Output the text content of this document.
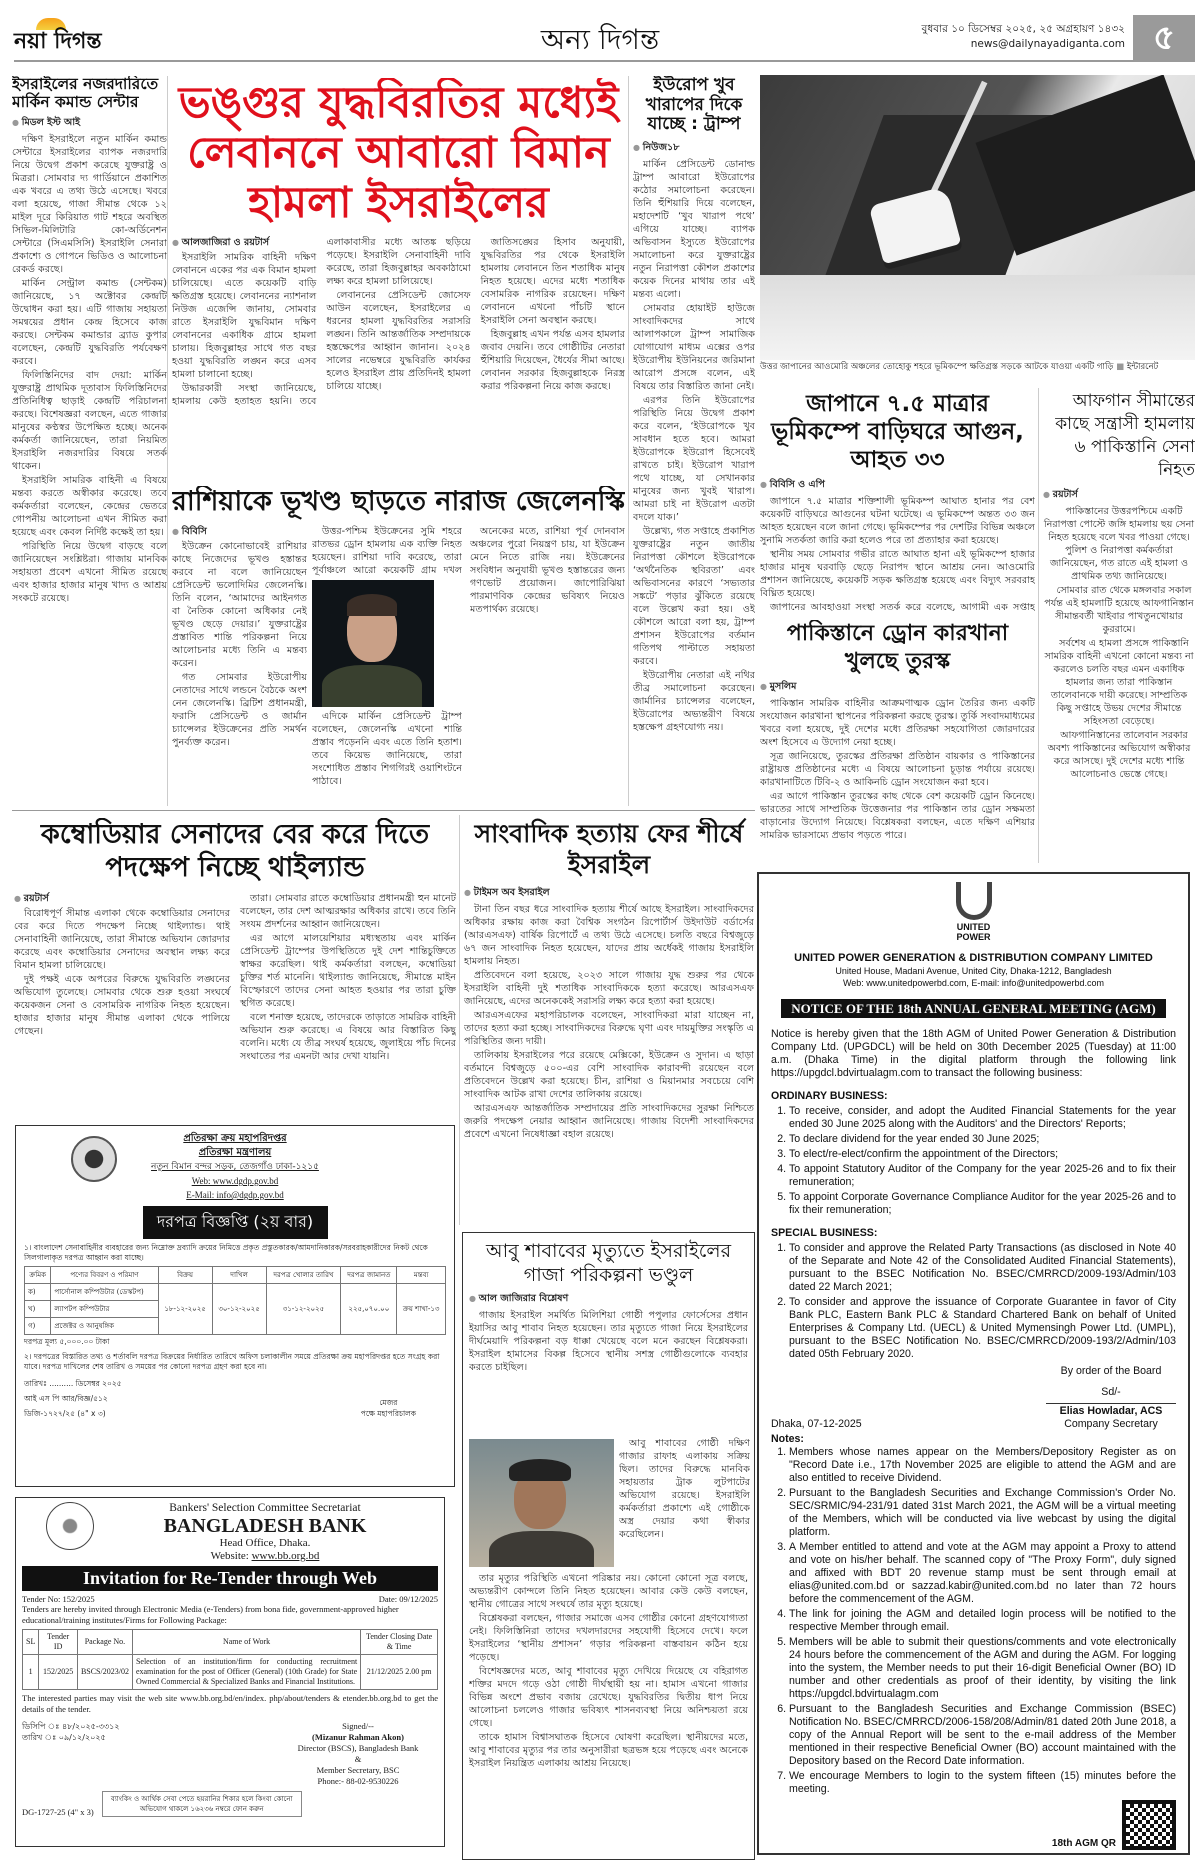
নয়া দিগন্ত	অন্য দিগন্ত	বুধবার ১০ ডিসেম্বর ২০২৫, ২৫ অগ্রহায়ণ ১৪৩২
news@dailynayadiganta.com ৫
ইসরাইলের নজরদারিতে মার্কিন কমান্ড সেন্টার
● মিডল ইস্ট আই

দক্ষিণ ইসরাইলে নতুন মার্কিন কমান্ড সেন্টারে ইসরাইলের ব্যাপক নজরদারি নিয়ে উদ্বেগ প্রকাশ করেছে যুক্তরাষ্ট্র ও মিত্ররা। সোমবার দ্য গার্ডিয়ানে প্রকাশিত এক খবরে এ তথ্য উঠে এসেছে। খবরে বলা হয়েছে, গাজা সীমান্ত থেকে ১২ মাইল দূরে কিরিয়াত গাট শহরে অবস্থিত সিভিল-মিলিটারি কো-অর্ডিনেশন সেন্টারে (সিএমসিসি) ইসরাইলি সেনারা প্রকাশ্যে ও গোপনে ভিডিও ও আলোচনা রেকর্ড করছে।

মার্কিন সেন্ট্রাল কমান্ড (সেন্টকম) জানিয়েছে, ১৭ অক্টোবর কেন্দ্রটি উদ্বোধন করা হয়। এটি গাজায় সহায়তা সমন্বয়ের প্রধান কেন্দ্র হিসেবে কাজ করছে। সেন্টকম কমান্ডার ব্র্যাড কুপার বলেছেন, কেন্দ্রটি যুদ্ধবিরতি পর্যবেক্ষণ করবে।

ফিলিস্তিনিদের বাদ দেয়া: মার্কিন যুক্তরাষ্ট্র প্রাথমিক দূতাবাস ফিলিস্তিনিদের প্রতিনিধিত্ব ছাড়াই কেন্দ্রটি পরিচালনা করছে। বিশেষজ্ঞরা বলছেন, এতে গাজার মানুষের কণ্ঠস্বর উপেক্ষিত হচ্ছে। অনেক কর্মকর্তা জানিয়েছেন, তারা নিয়মিত ইসরাইলি নজরদারির বিষয়ে সতর্ক থাকেন।

ইসরাইলি সামরিক বাহিনী এ বিষয়ে মন্তব্য করতে অস্বীকার করেছে। তবে কর্মকর্তারা বলেছেন, কেন্দ্রের ভেতরে গোপনীয় আলোচনা এখন সীমিত করা হয়েছে এবং কেবল নির্দিষ্ট কক্ষেই তা হয়।

পরিস্থিতি নিয়ে উদ্বেগ বাড়ছে বলে জানিয়েছেন সংশ্লিষ্টরা। গাজায় মানবিক সহায়তা প্রবেশ এখনো সীমিত রয়েছে এবং হাজার হাজার মানুষ খাদ্য ও আশ্রয় সংকটে রয়েছে।

ভঙ্গুর যুদ্ধবিরতির মধ্যেই লেবাননে আবারো বিমান হামলা ইসরাইলের
● আলজাজিরা ও রয়টার্স

ইসরাইলি সামরিক বাহিনী দক্ষিণ লেবাননে একের পর এক বিমান হামলা চালিয়েছে। এতে কয়েকটি বাড়ি ক্ষতিগ্রস্ত হয়েছে। লেবাননের ন্যাশনাল নিউজ এজেন্সি জানায়, সোমবার রাতে ইসরাইলি যুদ্ধবিমান দক্ষিণ লেবাননের একাধিক গ্রামে হামলা চালায়। হিজবুল্লাহর সাথে গত বছর হওয়া যুদ্ধবিরতি লঙ্ঘন করে এসব হামলা চালানো হচ্ছে।

উদ্ধারকারী সংস্থা জানিয়েছে, হামলায় কেউ হতাহত হয়নি। তবে এলাকাবাসীর মধ্যে আতঙ্ক ছড়িয়ে পড়েছে। ইসরাইলি সেনাবাহিনী দাবি করেছে, তারা হিজবুল্লাহর অবকাঠামো লক্ষ্য করে হামলা চালিয়েছে।

লেবাননের প্রেসিডেন্ট জোসেফ আউন বলেছেন, ইসরাইলের এ ধরনের হামলা যুদ্ধবিরতির সরাসরি লঙ্ঘন। তিনি আন্তর্জাতিক সম্প্রদায়কে হস্তক্ষেপের আহ্বান জানান। ২০২৪ সালের নভেম্বরে যুদ্ধবিরতি কার্যকর হলেও ইসরাইল প্রায় প্রতিদিনই হামলা চালিয়ে যাচ্ছে।

জাতিসঙ্ঘের হিসাব অনুযায়ী, যুদ্ধবিরতির পর থেকে ইসরাইলি হামলায় লেবাননে তিন শতাধিক মানুষ নিহত হয়েছে। এদের মধ্যে শতাধিক বেসামরিক নাগরিক রয়েছেন। দক্ষিণ লেবাননে এখনো পাঁচটি স্থানে ইসরাইলি সেনা অবস্থান করছে।

হিজবুল্লাহ এখন পর্যন্ত এসব হামলার জবাব দেয়নি। তবে গোষ্ঠীটির নেতারা হুঁশিয়ারি দিয়েছেন, ধৈর্যের সীমা আছে। লেবানন সরকার হিজবুল্লাহকে নিরস্ত্র করার পরিকল্পনা নিয়ে কাজ করছে।

ইউরোপ খুব খারাপের দিকে যাচ্ছে : ট্রাম্প
● নিউজ১৮

মার্কিন প্রেসিডেন্ট ডোনাল্ড ট্রাম্প আবারো ইউরোপের কঠোর সমালোচনা করেছেন। তিনি হুঁশিয়ারি দিয়ে বলেছেন, মহাদেশটি ‘খুব খারাপ পথে’ এগিয়ে যাচ্ছে। ব্যাপক অভিবাসন ইস্যুতে ইউরোপের সমালোচনা করে যুক্তরাষ্ট্রের নতুন নিরাপত্তা কৌশল প্রকাশের কয়েক দিনের মাথায় তার এই মন্তব্য এলো।

সোমবার হোয়াইট হাউজে সাংবাদিকদের সাথে আলাপকালে ট্রাম্প সামাজিক যোগাযোগ মাধ্যম এক্সের ওপর ইউরোপীয় ইউনিয়নের জরিমানা আরোপ প্রসঙ্গে বলেন, এই বিষয়ে তার বিস্তারিত জানা নেই।

এরপর তিনি ইউরোপের পরিস্থিতি নিয়ে উদ্বেগ প্রকাশ করে বলেন, ‘ইউরোপকে খুব সাবধান হতে হবে। আমরা ইউরোপকে ইউরোপ হিসেবেই রাখতে চাই। ইউরোপ খারাপ পথে যাচ্ছে, যা সেখানকার মানুষের জন্য খুবই খারাপ। আমরা চাই না ইউরোপ এতটা বদলে যাক।’

উল্লেখ্য, গত সপ্তাহে প্রকাশিত যুক্তরাষ্ট্রের নতুন জাতীয় নিরাপত্তা কৌশলে ইউরোপকে ‘অর্থনৈতিক স্থবিরতা’ এবং অভিবাসনের কারণে ‘সভ্যতার সঙ্কটে’ পড়ার ঝুঁকিতে রয়েছে বলে উল্লেখ করা হয়। ওই কৌশলে আরো বলা হয়, ট্রাম্প প্রশাসন ইউরোপের বর্তমান গতিপথ পাল্টাতে সহায়তা করবে।

ইউরোপীয় নেতারা এই নথির তীব্র সমালোচনা করেছেন। জার্মানির চ্যান্সেলর বলেছেন, ইউরোপের অভ্যন্তরীণ বিষয়ে হস্তক্ষেপ গ্রহণযোগ্য নয়।

উত্তর জাপানের আওমোরি অঞ্চলের তোহোকু শহরে ভূমিকম্পে ক্ষতিগ্রস্ত সড়কে আটকে যাওয়া একটি গাড়ি ■ ইন্টারনেট
জাপানে ৭.৫ মাত্রার ভূমিকম্পে বাড়িঘরে আগুন, আহত ৩৩
● বিবিসি ও এপি

জাপানে ৭.৫ মাত্রার শক্তিশালী ভূমিকম্প আঘাত হানার পর বেশ কয়েকটি বাড়িঘরে আগুনের ঘটনা ঘটেছে। এ ভূমিকম্পে অন্তত ৩৩ জন আহত হয়েছেন বলে জানা গেছে। ভূমিকম্পের পর দেশটির বিভিন্ন অঞ্চলে সুনামি সতর্কতা জারি করা হলেও পরে তা প্রত্যাহার করা হয়েছে।

স্থানীয় সময় সোমবার গভীর রাতে আঘাত হানা এই ভূমিকম্পে হাজার হাজার মানুষ ঘরবাড়ি ছেড়ে নিরাপদ স্থানে আশ্রয় নেন। আওমোরি প্রশাসন জানিয়েছে, কয়েকটি সড়ক ক্ষতিগ্রস্ত হয়েছে এবং বিদ্যুৎ সরবরাহ বিঘ্নিত হয়েছে।

জাপানের আবহাওয়া সংস্থা সতর্ক করে বলেছে, আগামী এক সপ্তাহ

আফগান সীমান্তের কাছে সন্ত্রাসী হামলায় ৬ পাকিস্তানি সেনা নিহত
● রয়টার্স

পাকিস্তানের উত্তরপশ্চিমে একটি নিরাপত্তা পোস্টে জঙ্গি হামলায় ছয় সেনা নিহত হয়েছে বলে খবর পাওয়া গেছে। পুলিশ ও নিরাপত্তা কর্মকর্তারা জানিয়েছেন, গত রাতে এই হামলা ও প্রাথমিক তথ্য জানিয়েছে।

সোমবার রাত থেকে মঙ্গলবার সকাল পর্যন্ত এই হামলাটি হয়েছে আফগানিস্তান সীমান্তবর্তী খাইবার পাখতুনখোয়ার কুররামে।

সর্বশেষ এ হামলা প্রসঙ্গে পাকিস্তানি সামরিক বাহিনী এখনো কোনো মন্তব্য না করলেও চলতি বছর এমন একাধিক হামলার জন্য তারা পাকিস্তান তালেবানকে দায়ী করেছে। সাম্প্রতিক কিছু সপ্তাহে উভয় দেশের সীমান্তে সহিংসতা বেড়েছে।

আফগানিস্তানের তালেবান সরকার অবশ্য পাকিস্তানের অভিযোগ অস্বীকার করে আসছে। দুই দেশের মধ্যে শান্তি আলোচনাও ভেস্তে গেছে।

রাশিয়াকে ভূখণ্ড ছাড়তে নারাজ জেলেনস্কি
● বিবিসি

ইউক্রেন কোনোভাবেই রাশিয়ার কাছে নিজেদের ভূখণ্ড হস্তান্তর করবে না বলে জানিয়েছেন প্রেসিডেন্ট ভলোদিমির জেলেনস্কি। তিনি বলেন, ‘আমাদের আইনগত বা নৈতিক কোনো অধিকার নেই ভূখণ্ড ছেড়ে দেয়ার।’ যুক্তরাষ্ট্রের প্রস্তাবিত শান্তি পরিকল্পনা নিয়ে আলোচনার মধ্যে তিনি এ মন্তব্য করেন।

গত সোমবার ইউরোপীয় নেতাদের সাথে লন্ডনে বৈঠকে অংশ নেন জেলেনস্কি। ব্রিটিশ প্রধানমন্ত্রী, ফরাসি প্রেসিডেন্ট ও জার্মান চ্যান্সেলর ইউক্রেনের প্রতি সমর্থন পুনর্ব্যক্ত করেন।

উত্তর-পশ্চিম ইউক্রেনের সুমি শহরে রাতভর ড্রোন হামলায় এক ব্যক্তি নিহত হয়েছেন। রাশিয়া দাবি করেছে, তারা পূর্বাঞ্চলে আরো কয়েকটি গ্রাম দখল

এদিকে মার্কিন প্রেসিডেন্ট ট্রাম্প বলেছেন, জেলেনস্কি এখনো শান্তি প্রস্তাব পড়েননি এবং এতে তিনি হতাশ। তবে কিয়েভ জানিয়েছে, তারা সংশোধিত প্রস্তাব শিগগিরই ওয়াশিংটনে পাঠাবে।

অনেকের মতে, রাশিয়া পূর্ব দোনবাস অঞ্চলের পুরো নিয়ন্ত্রণ চায়, যা ইউক্রেন মেনে নিতে রাজি নয়। ইউক্রেনের সংবিধান অনুযায়ী ভূখণ্ড হস্তান্তরের জন্য গণভোট প্রয়োজন। জাপোরিঝিয়া পারমাণবিক কেন্দ্রের ভবিষ্যৎ নিয়েও মতপার্থক্য রয়েছে।

পাকিস্তানে ড্রোন কারখানা খুলছে তুরস্ক
● মুসলিম

পাকিস্তান সামরিক বাহিনীর আক্রমণাত্মক ড্রোন তৈরির জন্য একটি সংযোজন কারখানা স্থাপনের পরিকল্পনা করছে তুরস্ক। তুর্কি সংবাদমাধ্যমের খবরে বলা হয়েছে, দুই দেশের মধ্যে প্রতিরক্ষা সহযোগিতা জোরদারের অংশ হিসেবে এ উদ্যোগ নেয়া হচ্ছে।

সূত্র জানিয়েছে, তুরস্কের প্রতিরক্ষা প্রতিষ্ঠান বায়কার ও পাকিস্তানের রাষ্ট্রায়ত্ত প্রতিষ্ঠানের মধ্যে এ বিষয়ে আলোচনা চূড়ান্ত পর্যায়ে রয়েছে। কারখানাটিতে টিবি-২ ও আকিনচি ড্রোন সংযোজন করা হবে।

এর আগে পাকিস্তান তুরস্কের কাছ থেকে বেশ কয়েকটি ড্রোন কিনেছে। ভারতের সাথে সাম্প্রতিক উত্তেজনার পর পাকিস্তান তার ড্রোন সক্ষমতা বাড়ানোর উদ্যোগ নিয়েছে। বিশ্লেষকরা বলছেন, এতে দক্ষিণ এশিয়ার সামরিক ভারসাম্যে প্রভাব পড়তে পারে।

কম্বোডিয়ার সেনাদের বের করে দিতে পদক্ষেপ নিচ্ছে থাইল্যান্ড
● রয়টার্স

বিরোধপূর্ণ সীমান্ত এলাকা থেকে কম্বোডিয়ার সেনাদের বের করে দিতে পদক্ষেপ নিচ্ছে থাইল্যান্ড। থাই সেনাবাহিনী জানিয়েছে, তারা সীমান্তে অভিযান জোরদার করেছে এবং কম্বোডিয়ার সেনাদের অবস্থান লক্ষ্য করে বিমান হামলা চালিয়েছে।

দুই পক্ষই একে অপরের বিরুদ্ধে যুদ্ধবিরতি লঙ্ঘনের অভিযোগ তুলেছে। সোমবার থেকে শুরু হওয়া সংঘর্ষে কয়েকজন সেনা ও বেসামরিক নাগরিক নিহত হয়েছেন। হাজার হাজার মানুষ সীমান্ত এলাকা থেকে পালিয়ে গেছেন।

তারা। সোমবার রাতে কম্বোডিয়ার প্রধানমন্ত্রী হুন মানেট বলেছেন, তার দেশ আত্মরক্ষার অধিকার রাখে। তবে তিনি সংযম প্রদর্শনের আহ্বান জানিয়েছেন।

এর আগে মালয়েশিয়ার মধ্যস্থতায় এবং মার্কিন প্রেসিডেন্ট ট্রাম্পের উপস্থিতিতে দুই দেশ শান্তিচুক্তিতে স্বাক্ষর করেছিল। থাই কর্মকর্তারা বলছেন, কম্বোডিয়া চুক্তির শর্ত মানেনি। থাইল্যান্ড জানিয়েছে, সীমান্তে মাইন বিস্ফোরণে তাদের সেনা আহত হওয়ার পর তারা চুক্তি স্থগিত করেছে।

বলে শনাক্ত হয়েছে, তাদেরকে তাড়াতে সামরিক বাহিনী অভিযান শুরু করেছে। এ বিষয়ে আর বিস্তারিত কিছু বলেনি। মধ্যে যে তীব্র সংঘর্ষ হয়েছে, জুলাইয়ে পাঁচ দিনের সংঘাতের পর এমনটা আর দেখা যায়নি।

সাংবাদিক হত্যায় ফের শীর্ষে ইসরাইল
● টাইমস অব ইসরাইল

টানা তিন বছর ধরে সাংবাদিক হত্যায় শীর্ষে আছে ইসরাইল। সাংবাদিকদের অধিকার রক্ষায় কাজ করা বৈশ্বিক সংগঠন রিপোর্টার্স উইদাউট বর্ডার্সের (আরএসএফ) বার্ষিক রিপোর্টে এ তথ্য উঠে এসেছে। চলতি বছরে বিশ্বজুড়ে ৬৭ জন সাংবাদিক নিহত হয়েছেন, যাদের প্রায় অর্ধেকই গাজায় ইসরাইলি হামলায় নিহত।

প্রতিবেদনে বলা হয়েছে, ২০২৩ সালে গাজায় যুদ্ধ শুরুর পর থেকে ইসরাইলি বাহিনী দুই শতাধিক সাংবাদিককে হত্যা করেছে। আরএসএফ জানিয়েছে, এদের অনেককেই সরাসরি লক্ষ্য করে হত্যা করা হয়েছে।

আরএসএফের মহাপরিচালক বলেছেন, সাংবাদিকরা মারা যাচ্ছেন না, তাদের হত্যা করা হচ্ছে। সাংবাদিকদের বিরুদ্ধে ঘৃণা এবং দায়মুক্তির সংস্কৃতি এ পরিস্থিতির জন্য দায়ী।

তালিকায় ইসরাইলের পরে রয়েছে মেক্সিকো, ইউক্রেন ও সুদান। এ ছাড়া বর্তমানে বিশ্বজুড়ে ৫০০-এর বেশি সাংবাদিক কারাবন্দী রয়েছেন বলে প্রতিবেদনে উল্লেখ করা হয়েছে। চীন, রাশিয়া ও মিয়ানমার সবচেয়ে বেশি সাংবাদিক আটক রাখা দেশের তালিকায় রয়েছে।

আরএসএফ আন্তর্জাতিক সম্প্রদায়ের প্রতি সাংবাদিকদের সুরক্ষা নিশ্চিতে জরুরি পদক্ষেপ নেয়ার আহ্বান জানিয়েছে। গাজায় বিদেশী সাংবাদিকদের প্রবেশে এখনো নিষেধাজ্ঞা বহাল রয়েছে।

প্রতিরক্ষা ক্রয় মহাপরিদপ্তর
প্রতিরক্ষা মন্ত্রণালয়
নতুন বিমান বন্দর সড়ক, তেজগাঁও ঢাকা-১২১৫
Web: www.dgdp.gov.bd
E-Mail: info@dgdp.gov.bd
দরপত্র বিজ্ঞপ্তি (২য় বার)
১। বাংলাদেশ সেনাবাহিনীর ব্যবহারের জন্য নিম্নোক্ত দ্রব্যাদি ক্রয়ের নিমিত্তে প্রকৃত প্রস্তুতকারক/আমদানিকারক/সরবরাহকারীদের নিকট থেকে সিলগালাকৃত দরপত্র আহ্বান করা যাচ্ছে।
ক্রমিক	পণ্যের বিবরণ ও পরিমাণ	বিক্রয়	দাখিল	দরপত্র খোলার তারিখ	দরপত্র জামানত	মন্তব্য
ক)	পার্সোনাল কম্পিউটার (ডেস্কটপ)	১৮-১২-২০২৫	৩০-১২-২০২৫	৩১-১২-২০২৫	২২৫,০৭০.০০	ক্রয় শাখা-১৩
খ)	ল্যাপটপ কম্পিউটার					
গ)	প্রজেক্টর ও আনুষঙ্গিক					
দরপত্র মূল্য ৫,০০০.০০ টাকা
২। দরপত্রের বিস্তারিত তথ্য ও শর্তাবলি দরপত্র বিক্রয়ের নির্ধারিত তারিখে অফিস চলাকালীন সময়ে প্রতিরক্ষা ক্রয় মহাপরিদপ্তর হতে সংগ্রহ করা যাবে। দরপত্র দাখিলের শেষ তারিখ ও সময়ের পর কোনো দরপত্র গ্রহণ করা হবে না।
তারিখঃ .......... ডিসেম্বর ২০২৫
আই এস পি আর/বিজ্ঞ/৫১২
ডিজি-১৭২৭/২৫ (৪" x ৩)
মেজর
পক্ষে মহাপরিচালক
Bankers' Selection Committee Secretariat
BANGLADESH BANK
Head Office, Dhaka.
Website: www.bb.org.bd
Invitation for Re-Tender through Web
Tender No: 152/2025	Date: 09/12/2025
Tenders are hereby invited through Electronic Media (e-Tenders) from bona fide, government-approved higher educational/training institutes/Firms for Following Package:
SL	Tender ID	Package No.	Name of Work	Tender Closing Date & Time
1	152/2025	BSCS/2023/02	Selection of an institution/firm for conducting recruitment examination for the post of Officer (General) (10th Grade) for State Owned Commercial & Specialized Banks and Financial Institutions.	21/12/2025 2.00 pm
The interested parties may visit the web site www.bb.org.bd/en/index. php/about/tenders & etender.bb.org.bd to get the details of the tender.
ডিসিপি ঃ ৪৮/২০২৫-৩৩১২
তারিখ ঃ ০৯/১২/২০২৫
Signed/--
(Mizanur Rahman Akon)
Director (BSCS), Bangladesh Bank
&
Member Secretary, BSC
Phone:- 88-02-9530226
DG-1727-25 (4" x 3)
ব্যাংকিং ও আর্থিক সেবা পেতে হয়রানির শিকার হলে কিংবা কোনো অভিযোগ থাকলে ১৬২৩৬ নম্বরে ফোন করুন
আবু শাবাবের মৃত্যুতে ইসরাইলের গাজা পরিকল্পনা ভণ্ডুল
● আল জাজিরার বিশ্লেষণ

গাজায় ইসরাইল সমর্থিত মিলিশিয়া গোষ্ঠী পপুলার ফোর্সেসের প্রধান ইয়াসির আবু শাবাব নিহত হয়েছেন। তার মৃত্যুতে গাজা নিয়ে ইসরাইলের দীর্ঘমেয়াদি পরিকল্পনা বড় ধাক্কা খেয়েছে বলে মনে করছেন বিশ্লেষকরা। ইসরাইল হামাসের বিকল্প হিসেবে স্থানীয় সশস্ত্র গোষ্ঠীগুলোকে ব্যবহার করতে চাইছিল।

আবু শাবাবের গোষ্ঠী দক্ষিণ গাজার রাফাহ এলাকায় সক্রিয় ছিল। তাদের বিরুদ্ধে মানবিক সহায়তার ট্রাক লুটপাটের অভিযোগ রয়েছে। ইসরাইলি কর্মকর্তারা প্রকাশ্যে এই গোষ্ঠীকে অস্ত্র দেয়ার কথা স্বীকার করেছিলেন।

তার মৃত্যুর পরিস্থিতি এখনো পরিষ্কার নয়। কোনো কোনো সূত্র বলছে, অভ্যন্তরীণ কোন্দলে তিনি নিহত হয়েছেন। আবার কেউ কেউ বলছেন, স্থানীয় গোত্রের সাথে সংঘর্ষে তার মৃত্যু হয়েছে।

বিশ্লেষকরা বলছেন, গাজার সমাজে এসব গোষ্ঠীর কোনো গ্রহণযোগ্যতা নেই। ফিলিস্তিনিরা তাদের দখলদারদের সহযোগী হিসেবে দেখে। ফলে ইসরাইলের ‘স্থানীয় প্রশাসন’ গড়ার পরিকল্পনা বাস্তবায়ন কঠিন হয়ে পড়েছে।

বিশেষজ্ঞদের মতে, আবু শাবাবের মৃত্যু দেখিয়ে দিয়েছে যে বহিরাগত শক্তির মদদে গড়ে ওঠা গোষ্ঠী দীর্ঘস্থায়ী হয় না। হামাস এখনো গাজার বিভিন্ন অংশে প্রভাব বজায় রেখেছে। যুদ্ধবিরতির দ্বিতীয় ধাপ নিয়ে আলোচনা চললেও গাজার ভবিষ্যৎ শাসনব্যবস্থা নিয়ে অনিশ্চয়তা রয়ে গেছে।

তাকে হামাস বিশ্বাসঘাতক হিসেবে ঘোষণা করেছিল। স্থানীয়দের মতে, আবু শাবাবের মৃত্যুর পর তার অনুসারীরা ছত্রভঙ্গ হয়ে পড়েছে এবং অনেকে ইসরাইল নিয়ন্ত্রিত এলাকায় আশ্রয় নিয়েছে।

UNITED POWER
UNITED POWER GENERATION & DISTRIBUTION COMPANY LIMITED
United House, Madani Avenue, United City, Dhaka-1212, Bangladesh
Web: www.unitedpowerbd.com, E-mail: info@unitedpowerbd.com
NOTICE OF THE 18th ANNUAL GENERAL MEETING (AGM)
Notice is hereby given that the 18th AGM of United Power Generation & Distribution Company Ltd. (UPGDCL) will be held on 30th December 2025 (Tuesday) at 11:00 a.m. (Dhaka Time) in the digital platform through the following link https://upgdcl.bdvirtualagm.com to transact the following business:
ORDINARY BUSINESS:
1. To receive, consider, and adopt the Audited Financial Statements for the year ended 30 June 2025 along with the Auditors' and the Directors' Reports;
2. To declare dividend for the year ended 30 June 2025;
3. To elect/re-elect/confirm the appointment of the Directors;
4. To appoint Statutory Auditor of the Company for the year 2025-26 and to fix their remuneration;
5. To appoint Corporate Governance Compliance Auditor for the year 2025-26 and to fix their remuneration;
SPECIAL BUSINESS:
1. To consider and approve the Related Party Transactions (as disclosed in Note 40 of the Separate and Note 42 of the Consolidated Audited Financial Statements), pursuant to the BSEC Notification No. BSEC/CMRRCD/2009-193/Admin/103 dated 22 March 2021;
2. To consider and approve the issuance of Corporate Guarantee in favor of City Bank PLC, Eastern Bank PLC & Standard Chartered Bank on behalf of United Enterprises & Company Ltd. (UECL) & United Mymensingh Power Ltd. (UMPL), pursuant to the BSEC Notification No. BSEC/CMRRCD/2009-193/2/Admin/103 dated 05th February 2020.
Dhaka, 07-12-2025
By order of the Board
Sd/-
Elias Howladar, ACS
Company Secretary
Notes:
1. Members whose names appear on the Members/Depository Register as on "Record Date i.e., 17th November 2025 are eligible to attend the AGM and are also entitled to receive Dividend.
2. Pursuant to the Bangladesh Securities and Exchange Commission's Order No. SEC/SRMIC/94-231/91 dated 31st March 2021, the AGM will be a virtual meeting of the Members, which will be conducted via live webcast by using the digital platform.
3. A Member entitled to attend and vote at the AGM may appoint a Proxy to attend and vote on his/her behalf. The scanned copy of "The Proxy Form", duly signed and affixed with BDT 20 revenue stamp must be sent through email at elias@united.com.bd or sazzad.kabir@united.com.bd no later than 72 hours before the commencement of the AGM.
4. The link for joining the AGM and detailed login process will be notified to the respective Member through email.
5. Members will be able to submit their questions/comments and vote electronically 24 hours before the commencement of the AGM and during the AGM. For logging into the system, the Member needs to put their 16-digit Beneficial Owner (BO) ID number and other credentials as proof of their identity, by visiting the link https://upgdcl.bdvirtualagm.com
6. Pursuant to the Bangladesh Securities and Exchange Commission (BSEC) Notification No. BSEC/CMRRCD/2006-158/208/Admin/81 dated 20th June 2018, a copy of the Annual Report will be sent to the e-mail address of the Member mentioned in their respective Beneficial Owner (BO) account maintained with the Depository based on the Record Date information.
7. We encourage Members to login to the system fifteen (15) minutes before the meeting.
18th AGM QR
